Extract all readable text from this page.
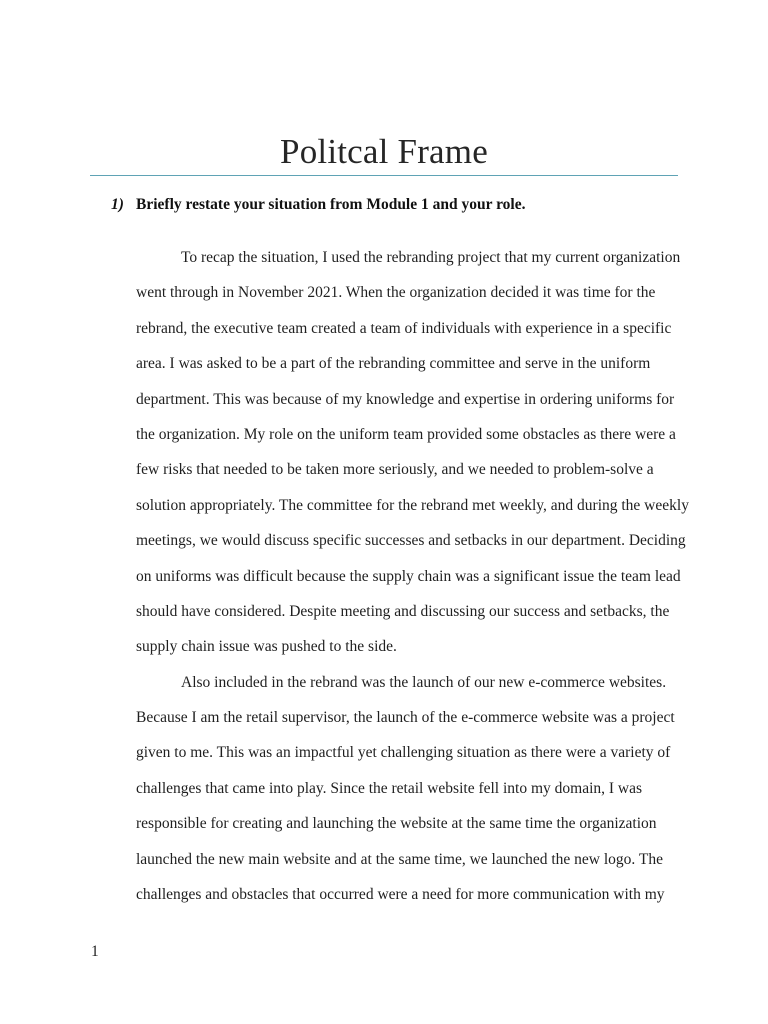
Politcal Frame
1) Briefly restate your situation from Module 1 and your role.
To recap the situation, I used the rebranding project that my current organization
went through in November 2021. When the organization decided it was time for the
rebrand, the executive team created a team of individuals with experience in a specific
area. I was asked to be a part of the rebranding committee and serve in the uniform
department. This was because of my knowledge and expertise in ordering uniforms for
the organization. My role on the uniform team provided some obstacles as there were a
few risks that needed to be taken more seriously, and we needed to problem-solve a
solution appropriately. The committee for the rebrand met weekly, and during the weekly
meetings, we would discuss specific successes and setbacks in our department. Deciding
on uniforms was difficult because the supply chain was a significant issue the team lead
should have considered. Despite meeting and discussing our success and setbacks, the
supply chain issue was pushed to the side.
Also included in the rebrand was the launch of our new e-commerce websites.
Because I am the retail supervisor, the launch of the e-commerce website was a project
given to me. This was an impactful yet challenging situation as there were a variety of
challenges that came into play. Since the retail website fell into my domain, I was
responsible for creating and launching the website at the same time the organization
launched the new main website and at the same time, we launched the new logo. The
challenges and obstacles that occurred were a need for more communication with my
1
